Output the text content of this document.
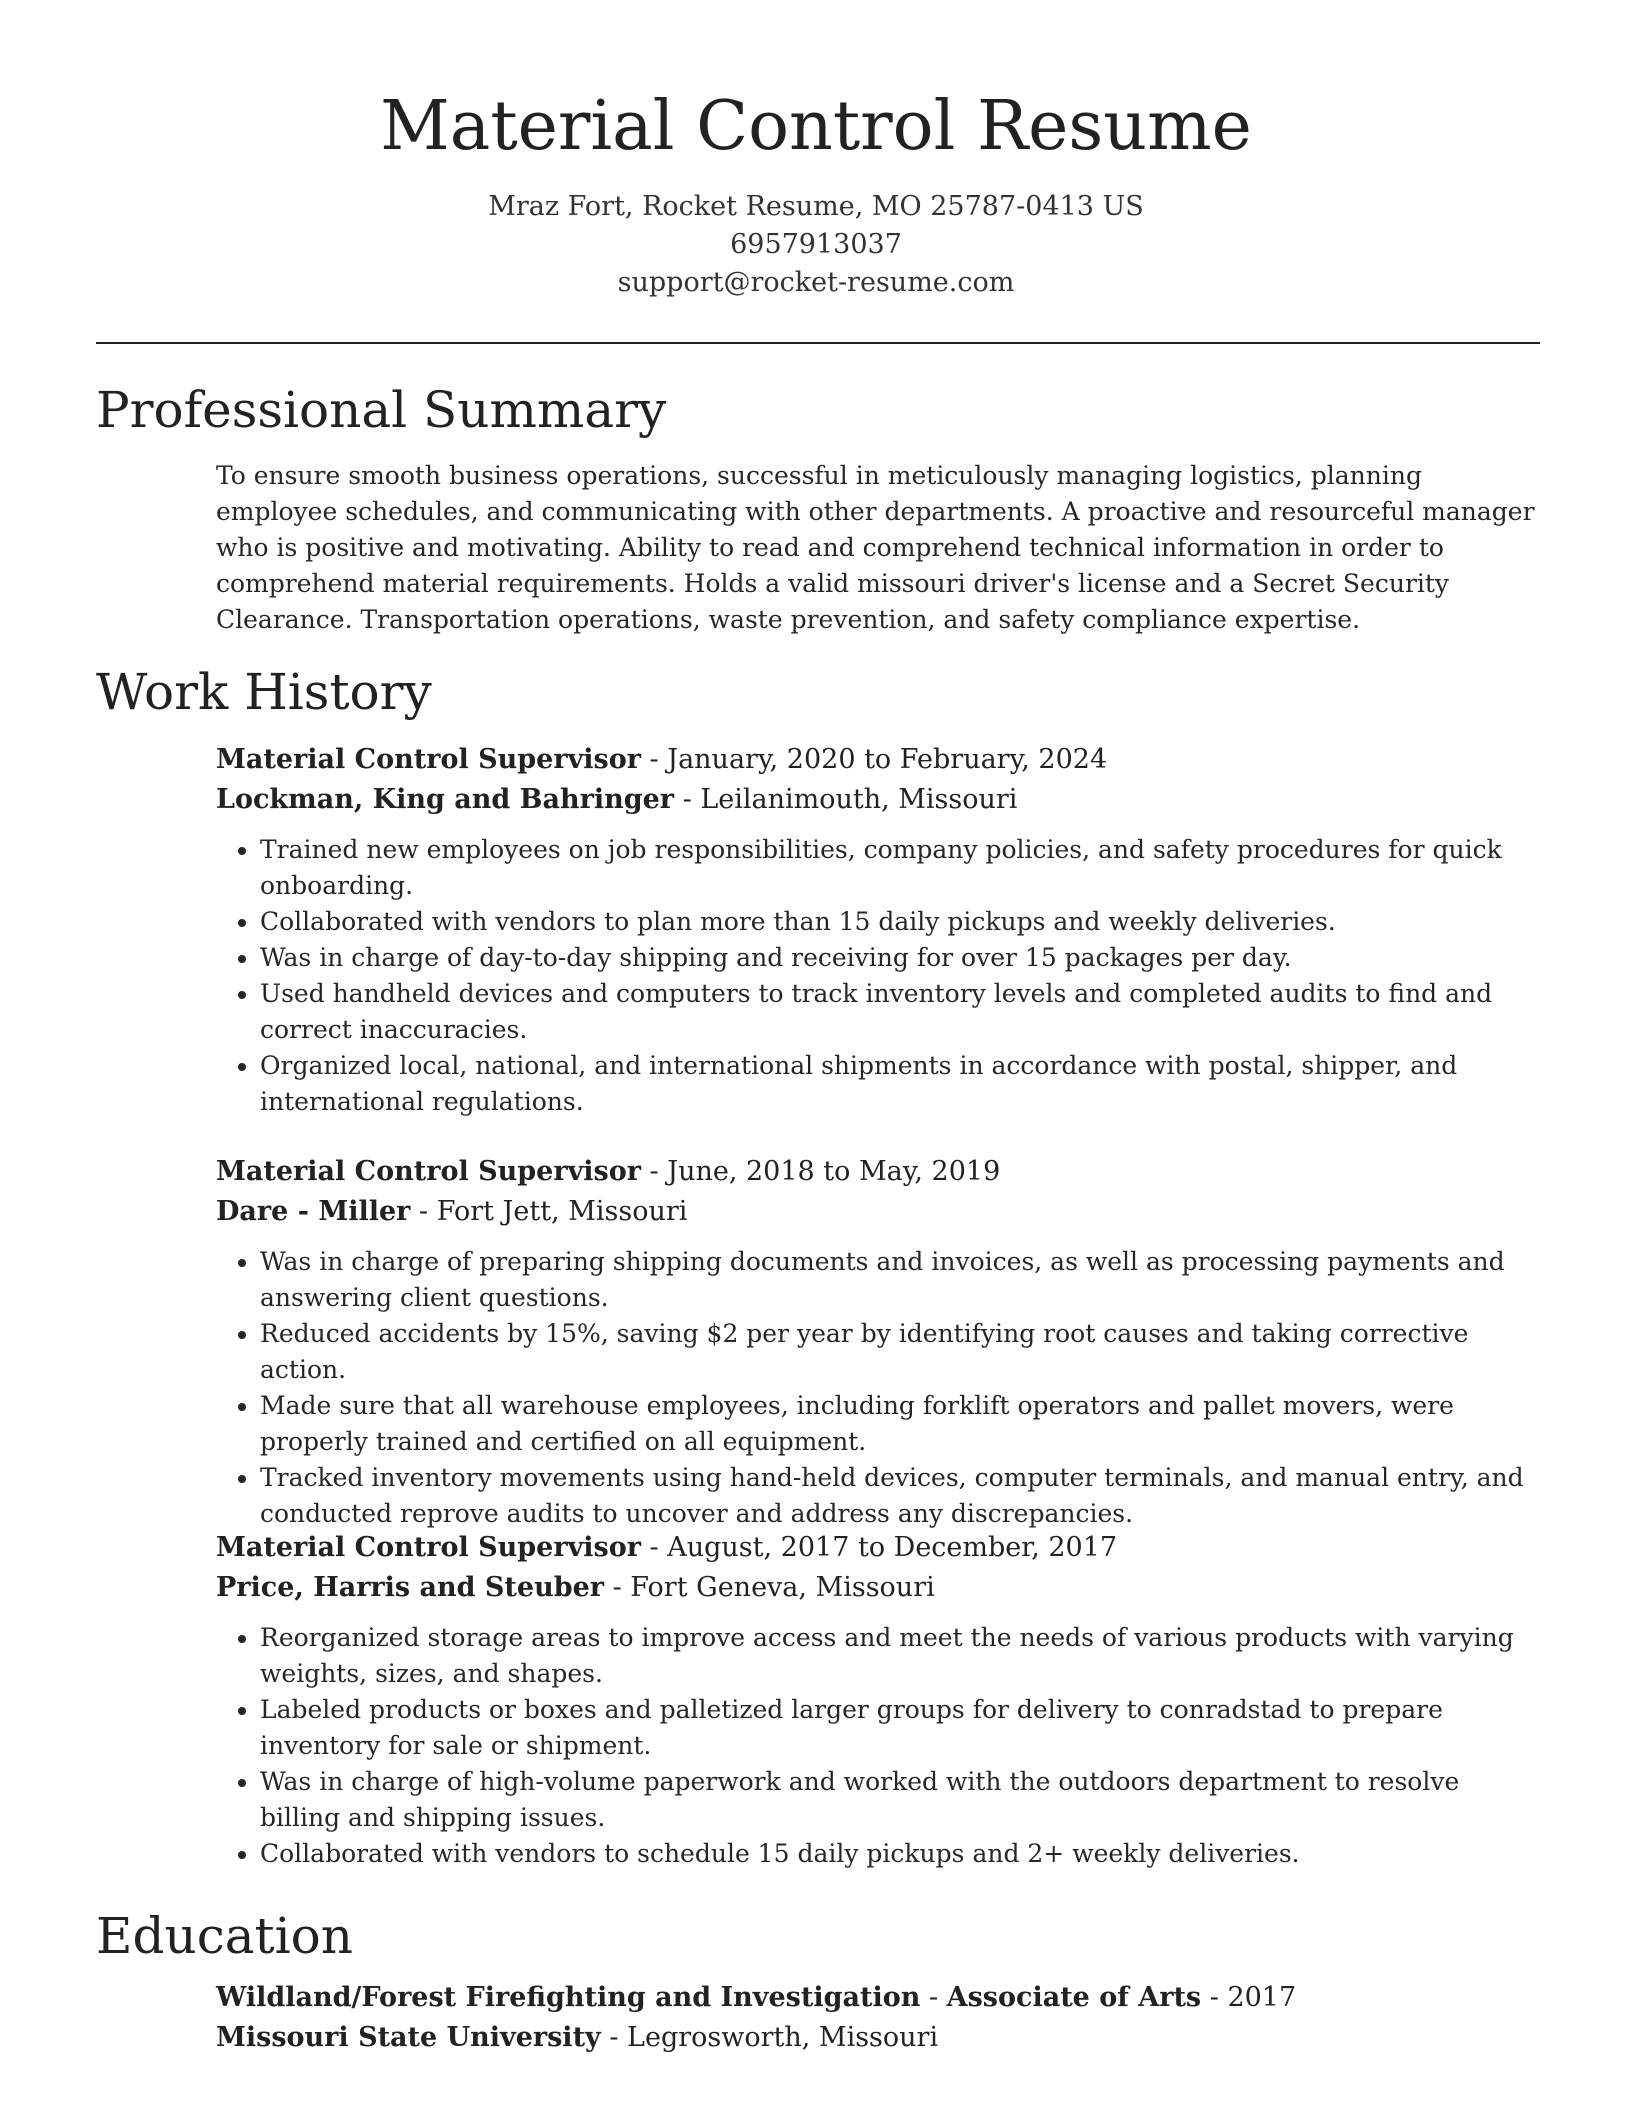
Material Control Resume
Mraz Fort, Rocket Resume, MO 25787-0413 US
6957913037
support@rocket-resume.com
Professional Summary

To ensure smooth business operations, successful in meticulously managing logistics, planning employee schedules, and communicating with other departments. A proactive and resourceful manager who is positive and motivating. Ability to read and comprehend technical information in order to comprehend material requirements. Holds a valid missouri driver's license and a Secret Security Clearance. Transportation operations, waste prevention, and safety compliance expertise.

Work History
Material Control Supervisor - January, 2020 to February, 2024
Lockman, King and Bahringer - Leilanimouth, Missouri
• Trained new employees on job responsibilities, company policies, and safety procedures for quick onboarding.
• Collaborated with vendors to plan more than 15 daily pickups and weekly deliveries.
• Was in charge of day-to-day shipping and receiving for over 15 packages per day.
• Used handheld devices and computers to track inventory levels and completed audits to find and correct inaccuracies.
• Organized local, national, and international shipments in accordance with postal, shipper, and international regulations.
Material Control Supervisor - June, 2018 to May, 2019
Dare - Miller - Fort Jett, Missouri
• Was in charge of preparing shipping documents and invoices, as well as processing payments and answering client questions.
• Reduced accidents by 15%, saving $2 per year by identifying root causes and taking corrective action.
• Made sure that all warehouse employees, including forklift operators and pallet movers, were properly trained and certified on all equipment.
• Tracked inventory movements using hand-held devices, computer terminals, and manual entry, and conducted reprove audits to uncover and address any discrepancies.
Material Control Supervisor - August, 2017 to December, 2017
Price, Harris and Steuber - Fort Geneva, Missouri
• Reorganized storage areas to improve access and meet the needs of various products with varying weights, sizes, and shapes.
• Labeled products or boxes and palletized larger groups for delivery to conradstad to prepare inventory for sale or shipment.
• Was in charge of high-volume paperwork and worked with the outdoors department to resolve billing and shipping issues.
• Collaborated with vendors to schedule 15 daily pickups and 2+ weekly deliveries.
Education
Wildland/Forest Firefighting and Investigation - Associate of Arts - 2017
Missouri State University - Legrosworth, Missouri
